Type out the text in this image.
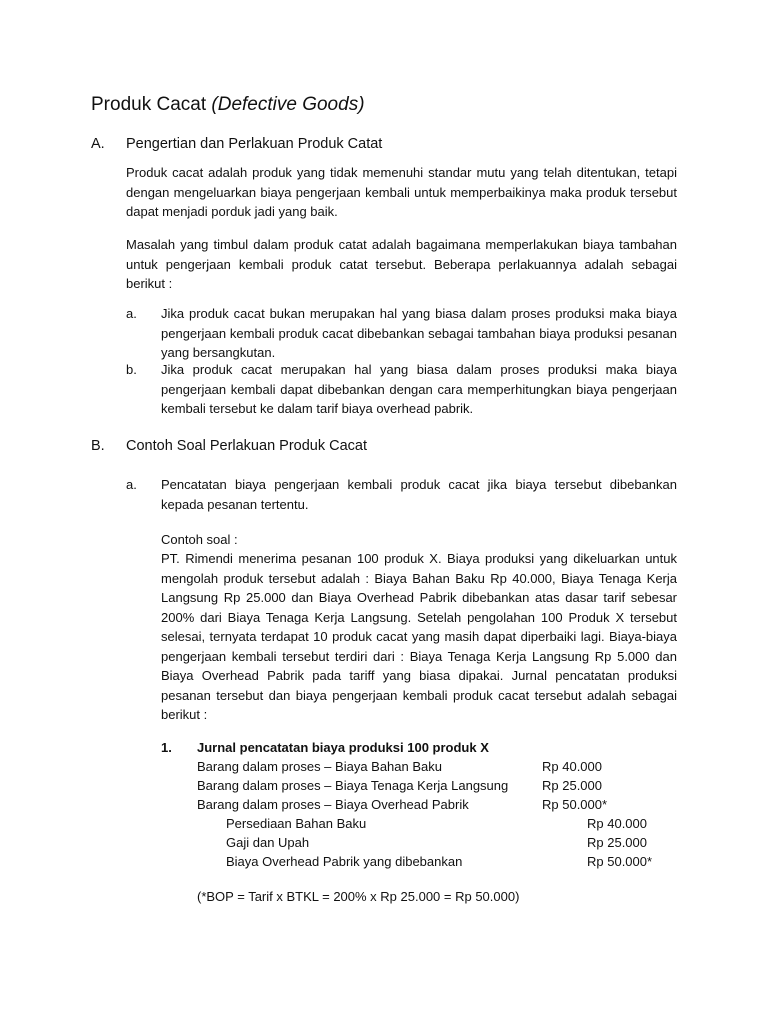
Produk Cacat (Defective Goods)
A. Pengertian dan Perlakuan Produk Catat

Produk cacat adalah produk yang tidak memenuhi standar mutu yang telah ditentukan, tetapi dengan mengeluarkan biaya pengerjaan kembali untuk memperbaikinya maka produk tersebut dapat menjadi porduk jadi yang baik.

Masalah yang timbul dalam produk catat adalah bagaimana memperlakukan biaya tambahan untuk pengerjaan kembali produk catat tersebut. Beberapa perlakuannya adalah sebagai berikut :

a. Jika produk cacat bukan merupakan hal yang biasa dalam proses produksi maka biaya pengerjaan kembali produk cacat dibebankan sebagai tambahan biaya produksi pesanan yang bersangkutan.
b. Jika produk cacat merupakan hal yang biasa dalam proses produksi maka biaya pengerjaan kembali dapat dibebankan dengan cara memperhitungkan biaya pengerjaan kembali tersebut ke dalam tarif biaya overhead pabrik.
B. Contoh Soal Perlakuan Produk Cacat
a. Pencatatan biaya pengerjaan kembali produk cacat jika biaya tersebut dibebankan kepada pesanan tertentu.

Contoh soal :

PT. Rimendi menerima pesanan 100 produk X. Biaya produksi yang dikeluarkan untuk mengolah produk tersebut adalah : Biaya Bahan Baku Rp 40.000, Biaya Tenaga Kerja Langsung Rp 25.000 dan Biaya Overhead Pabrik dibebankan atas dasar tarif sebesar 200% dari Biaya Tenaga Kerja Langsung. Setelah pengolahan 100 Produk X tersebut selesai, ternyata terdapat 10 produk cacat yang masih dapat diperbaiki lagi. Biaya-biaya pengerjaan kembali tersebut terdiri dari : Biaya Tenaga Kerja Langsung Rp 5.000 dan Biaya Overhead Pabrik pada tariff yang biasa dipakai. Jurnal pencatatan produksi pesanan tersebut dan biaya pengerjaan kembali produk cacat tersebut adalah sebagai berikut :

1. Jurnal pencatatan biaya produksi 100 produk X
Barang dalam proses – Biaya Bahan Baku	Rp 40.000
Barang dalam proses – Biaya Tenaga Kerja Langsung	Rp 25.000
Barang dalam proses – Biaya Overhead Pabrik	Rp 50.000*
Persediaan Bahan Baku	Rp 40.000
Gaji dan Upah	Rp 25.000
Biaya Overhead Pabrik yang dibebankan	Rp 50.000*
(*BOP = Tarif x BTKL = 200% x Rp 25.000 = Rp 50.000)
